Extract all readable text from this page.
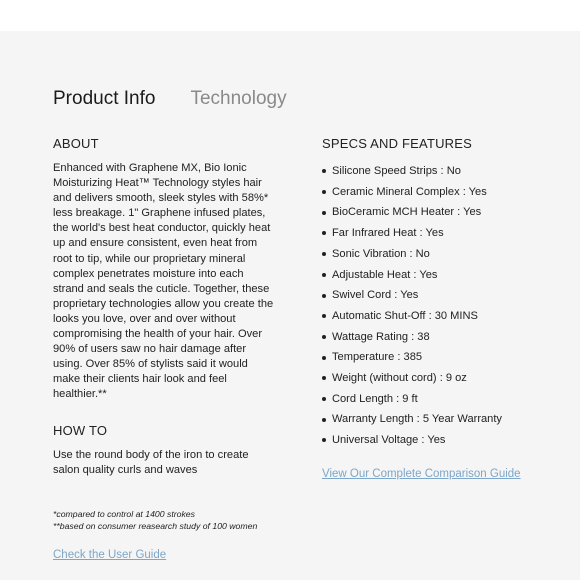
Product Info Technology
ABOUT

Enhanced with Graphene MX, Bio Ionic Moisturizing Heat™ Technology styles hair and delivers smooth, sleek styles with 58%* less breakage. 1" Graphene infused plates, the world's best heat conductor, quickly heat up and ensure consistent, even heat from root to tip, while our proprietary mineral complex penetrates moisture into each strand and seals the cuticle. Together, these proprietary technologies allow you create the looks you love, over and over without compromising the health of your hair. Over 90% of users saw no hair damage after using. Over 85% of stylists said it would make their clients hair look and feel healthier.**

HOW TO

Use the round body of the iron to create salon quality curls and waves

*compared to control at 1400 strokes
**based on consumer reasearch study of 100 women
Check the User Guide
SPECS AND FEATURES
Silicone Speed Strips : No
Ceramic Mineral Complex : Yes
BioCeramic MCH Heater : Yes
Far Infrared Heat : Yes
Sonic Vibration : No
Adjustable Heat : Yes
Swivel Cord : Yes
Automatic Shut-Off : 30 MINS
Wattage Rating : 38
Temperature : 385
Weight (without cord) : 9 oz
Cord Length : 9 ft
Warranty Length : 5 Year Warranty
Universal Voltage : Yes
View Our Complete Comparison Guide
